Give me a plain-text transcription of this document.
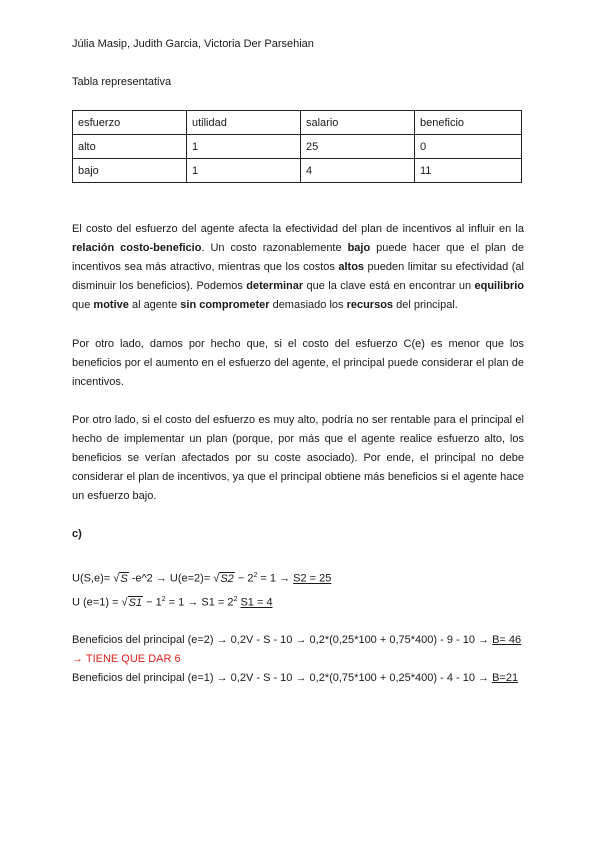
Júlia Masip, Judith Garcia, Victoria Der Parsehian
Tabla representativa
esfuerzo	utilidad	salario	beneficio
alto	1	25	0
bajo	1	4	11
El costo del esfuerzo del agente afecta la efectividad del plan de incentivos al influir en la relación costo-beneficio. Un costo razonablemente bajo puede hacer que el plan de incentivos sea más atractivo, mientras que los costos altos pueden limitar su efectividad (al disminuir los beneficios). Podemos determinar que la clave está en encontrar un equilibrio que motive al agente sin comprometer demasiado los recursos del principal.
Por otro lado, damos por hecho que, si el costo del esfuerzo C(e) es menor que los beneficios por el aumento en el esfuerzo del agente, el principal puede considerar el plan de incentivos.
Por otro lado, si el costo del esfuerzo es muy alto, podría no ser rentable para el principal el hecho de implementar un plan (porque, por más que el agente realice esfuerzo alto, los beneficios se verían afectados por su coste asociado). Por ende, el principal no debe considerar el plan de incentivos, ya que el principal obtiene más beneficios si el agente hace un esfuerzo bajo.
c)
U(S,e)= √S -e^2 → $U(e=2)= √S2 - 2^2 = 1 \to S2 = 25$
U $(e=1) = √S1 - 1^2 = 1 \to S1 = 2^2$ S1 = 4
Beneficios del principal (e=2) → 0,2V - S - 10 → 0,2*(0,25*100 + 0,75*400) - 9 - 10 → B= 46
→ TIENE QUE DAR 6
Beneficios del principal (e=1) → 0,2V - S - 10 → 0,2*(0,75*100 + 0,25*400) - 4 - 10 → B=21
